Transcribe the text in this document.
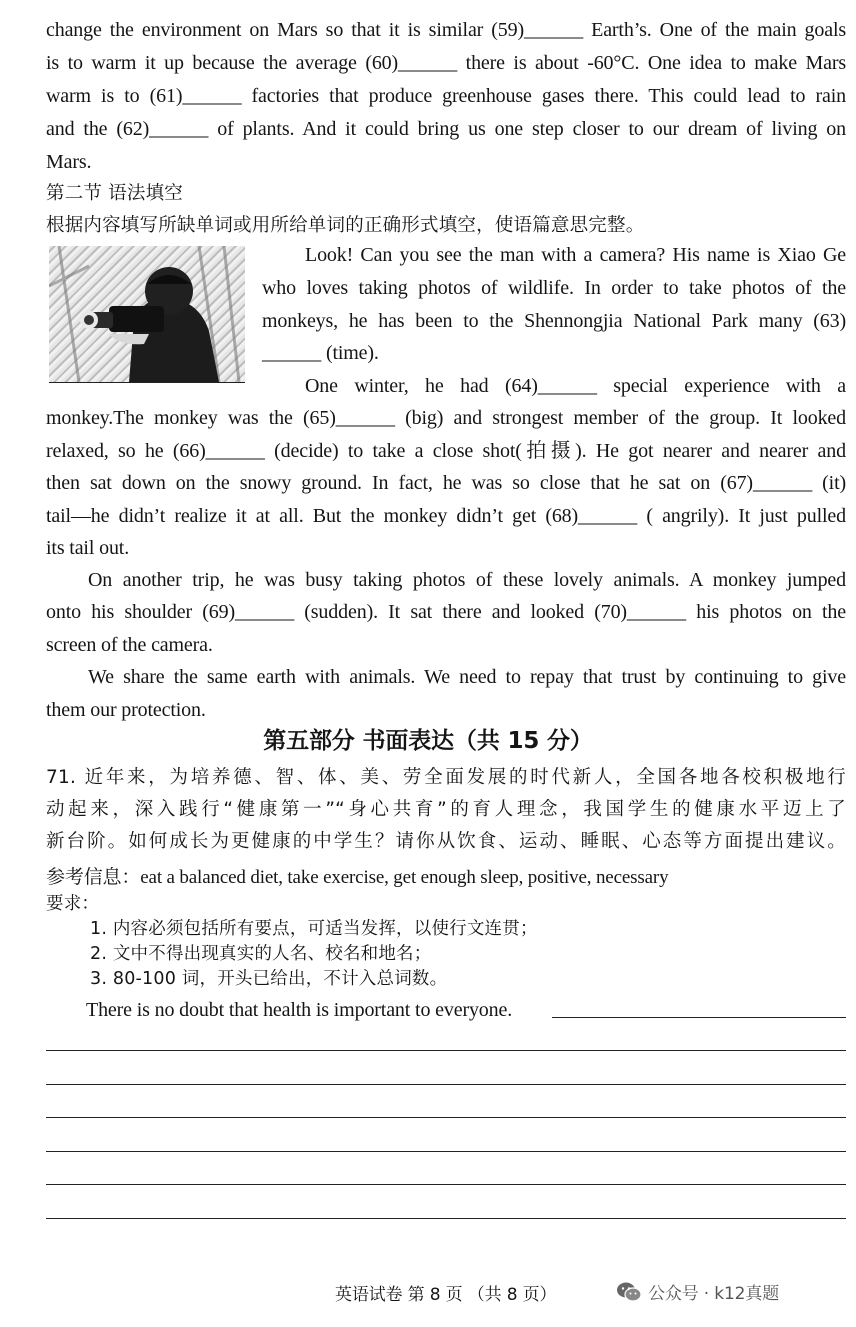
change the environment on Mars so that it is similar (59)______ Earth’s. One of the main goals
is to warm it up because the average (60)______ there is about -60°C. One idea to make Mars
warm is to (61)______ factories that produce greenhouse gases there. This could lead to rain
and the (62)______ of plants. And it could bring us one step closer to our dream of living on
Mars.
第二节 语法填空
根据内容填写所缺单词或用所给单词的正确形式填空，使语篇意思完整。
Look! Can you see the man with a camera? His name is Xiao Ge
who loves taking photos of wildlife. In order to take photos of the
monkeys, he has been to the Shennongjia National Park many (63)
______ (time).
One winter, he had (64)______ special experience with a
monkey.The monkey was the (65)______ (big) and strongest member of the group. It looked
relaxed, so he (66)______ (decide) to take a close shot(拍摄). He got nearer and nearer and
then sat down on the snowy ground. In fact, he was so close that he sat on (67)______ (it)
tail—he didn’t realize it at all. But the monkey didn’t get (68)______ ( angrily). It just pulled
its tail out.
On another trip, he was busy taking photos of these lovely animals. A monkey jumped
onto his shoulder (69)______ (sudden). It sat there and looked (70)______ his photos on the
screen of the camera.
We share the same earth with animals. We need to repay that trust by continuing to give
them our protection.
第五部分 书面表达（共 15 分）
71. 近年来，为培养德、智、体、美、劳全面发展的时代新人，全国各地各校积极地行
动起来，深入践行“健康第一”“身心共育”的育人理念，我国学生的健康水平迈上了
新台阶。如何成长为更健康的中学生？请你从饮食、运动、睡眠、心态等方面提出建议。
参考信息：eat a balanced diet, take exercise, get enough sleep, positive, necessary
要求：
1. 内容必须包括所有要点，可适当发挥，以使行文连贯；
2. 文中不得出现真实的人名、校名和地名；
3. 80-100 词，开头已给出，不计入总词数。
There is no doubt that health is important to everyone.
英语试卷 第 8 页 （共 8 页）	公众号 · k12真题
